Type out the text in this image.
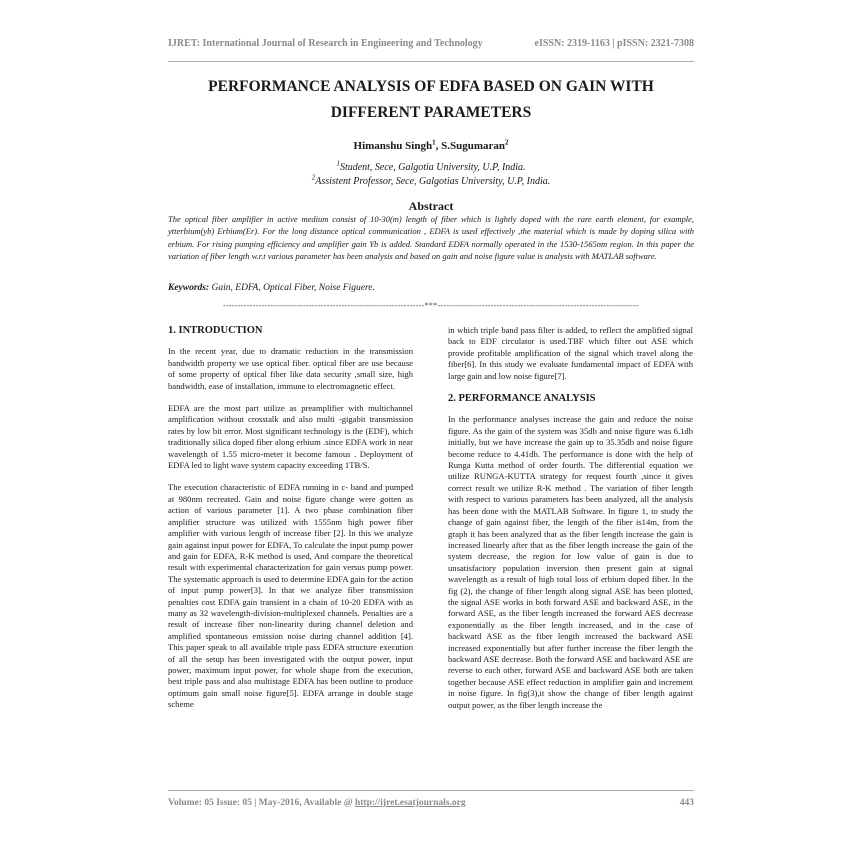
IJRET: International Journal of Research in Engineering and Technology	eISSN: 2319-1163 | pISSN: 2321-7308
PERFORMANCE ANALYSIS OF EDFA BASED ON GAIN WITH
DIFFERENT PARAMETERS
Himanshu Singh$^1$, S.Sugumaran$^2$
$^1$Student, Sece, Galgotia University, U.P, India.
$^2$Assistent Professor, Sece, Galgotias University, U.P, India.
Abstract
The optical fiber amplifier in active medium consist of 10-30(m) length of fiber which is lightly doped with the rare earth element, for example, ytterbium(yb) Erbium(Er). For the long distance optical communication , EDFA is used effectively ,the material which is made by doping silica with erbium. For rising pumping efficiency and amplifier gain Yb is added. Standard EDFA normally operated in the 1530-1565nm region. In this paper the variation of fiber length w.r.t various parameter has been analysis and based on gain and noise figure value is analysis with MATLAB software.
Keywords: Gain, EDFA, Optical Fiber, Noise Figuere.
--------------------------------------------------------------------***--------------------------------------------------------------------
1. INTRODUCTION

In the recent year, due to dramatic reduction in the transmission bandwidth property we use optical fiber. optical fiber are use because of some property of optical fiber like data security ,small size, high bandwidth, ease of installation, immune to electromagnetic effect.

EDFA are the most part utilize as preamplifier with multichannel amplification without crosstalk and also multi -gigabit transmission rates by low bit error. Most significant technology is the (EDF), which traditionally silica doped fiber along erbium .since EDFA work in near wavelength of 1.55 micro-meter it become famous . Deployment of EDFA led to light wave system capacity exceeding 1TB/S.

The execution characteristic of EDFA running in c- band and pumped at 980nm recreated. Gain and noise figure change were gotten as action of various parameter [1]. A two phase combination fiber amplifier structure was utilized with 1555nm high power fiber amplifier with various length of increase fiber [2]. In this we analyze gain against input power for EDFA, To calculate the input pump power and gain for EDFA, R-K method is used, And compare the theoretical result with experimental characterization for gain versus pump power. The systematic approach is used to determine EDFA gain for the action of input pump power[3]. In that we analyze fiber transmission penalties cost EDFA gain transient in a chain of 10-20 EDFA with as many as 32 wavelength-division-multiplexed channels. Penalties are a result of increase fiber non-linearity during channel deletion and amplified spontaneous emission noise during channel addition [4]. This paper speak to all available triple pass EDFA structure execution of all the setup has been investigated with the output power, input power, maximum input power, for whole shape from the execution, best triple pass and also multistage EDFA has been outline to produce optimum gain small noise figure[5]. EDFA arrange in double stage scheme

in which triple band pass filter is added, to reflect the amplified signal back to EDF circulator is used.TBF which filter out ASE which provide profitable amplification of the signal which travel along the fiber[6]. In this study we evaluate fundamental impact of EDFA with large gain and low noise figure[7].

2. PERFORMANCE ANALYSIS

In the performance analyses increase the gain and reduce the noise figure. As the gain of the system was 35db and noise figure was 6.1db initially, but we have increase the gain up to 35.35db and noise figure become reduce to 4.41db. The performance is done with the help of Runga Kutta method of order fourth. The differential equation we utilize RUNGA-KUTTA strategy for request fourth ,since it gives correct result we utilize R-K method . The variation of fiber length with respect to various parameters has been analyzed, all the analysis has been done with the MATLAB Software. In figure 1, to study the change of gain against fiber, the length of the fiber is14m, from the graph it has been analyzed that as the fiber length increase the gain is increased linearly after that as the fiber length increase the gain of the system decrease, the region for low value of gain is due to unsatisfactory population inversion then present gain at signal wavelength as a result of high total loss of erbium doped fiber. In the fig (2), the change of fiber length along signal ASE has been plotted, the signal ASE works in both forward ASE and backward ASE, in the forward ASE, as the fiber length increased the forward AES decrease exponentially as the fiber length increased, and in the case of backward ASE as the fiber length increased the backward ASE increased exponentially but after further increase the fiber length the backward ASE decrease. Both the forward ASE and backward ASE are reverse to each other, forward ASE and backward ASE both are taken together because ASE effect reduction in amplifier gain and increment in noise figure. In fig(3),it show the change of fiber length against output power, as the fiber length increase the

Volume: 05 Issue: 05 | May-2016, Available @ http://ijret.esatjournals.org	443
